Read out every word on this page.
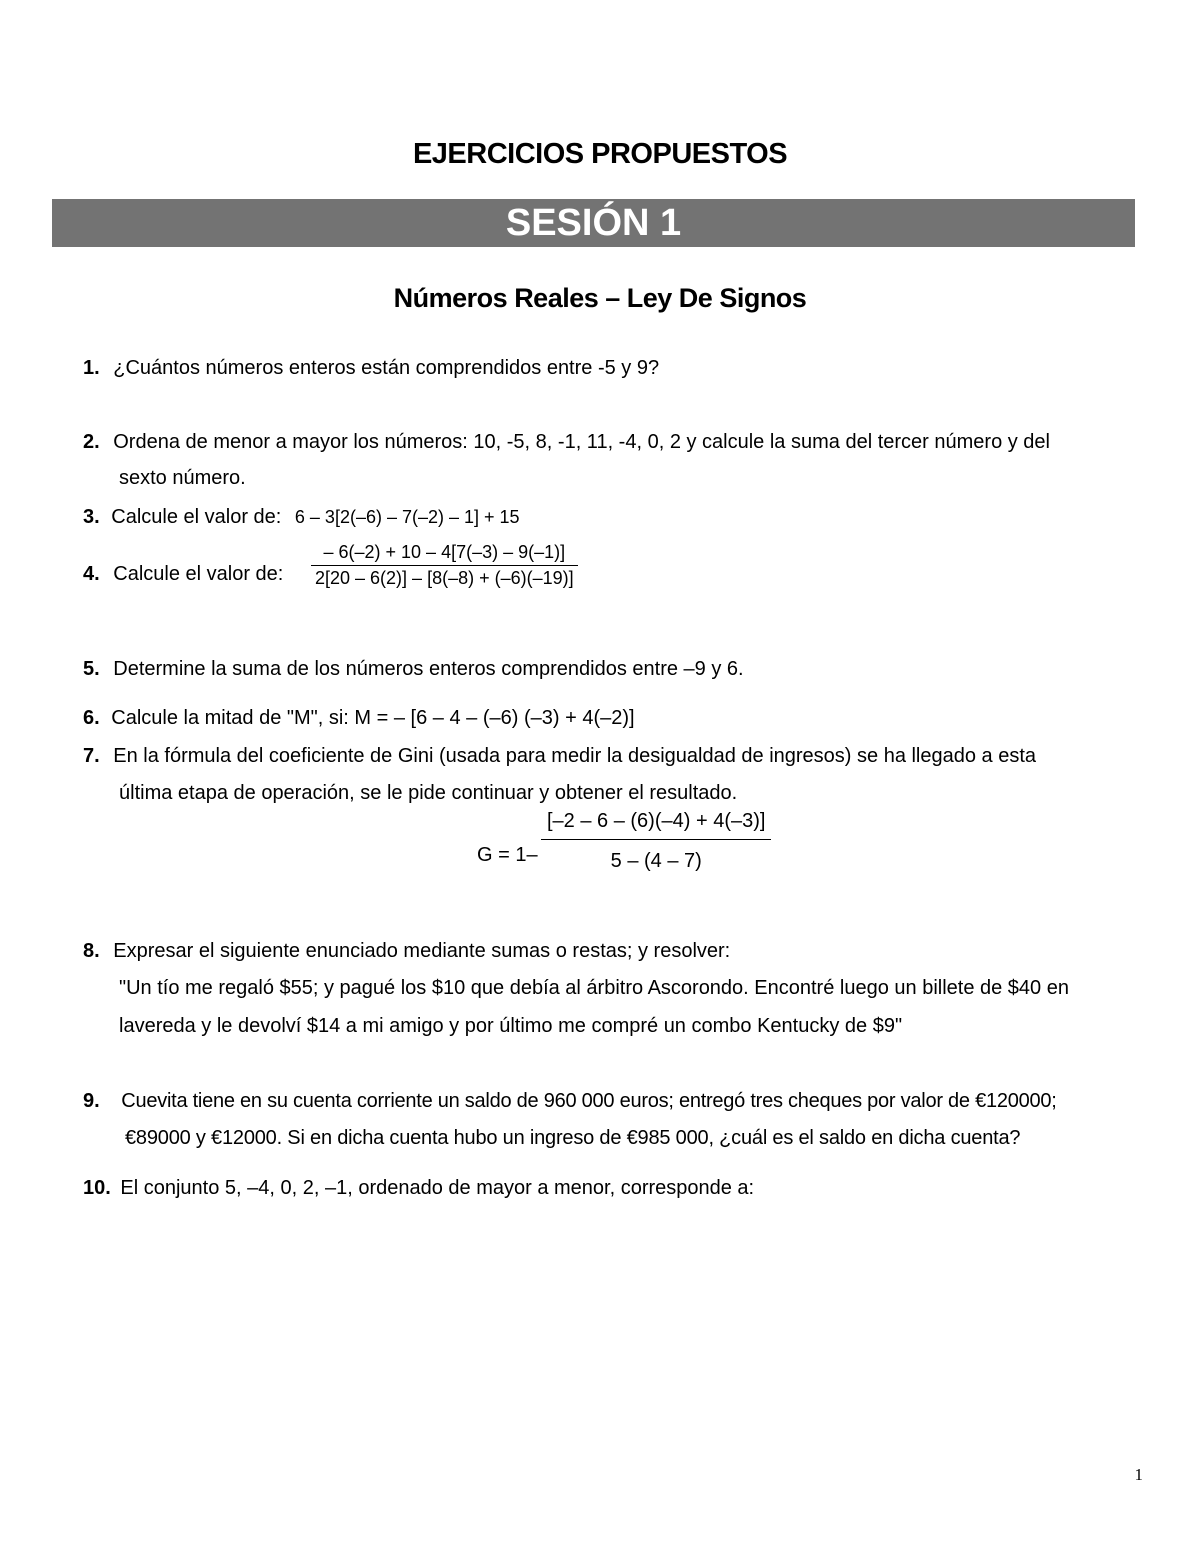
EJERCICIOS PROPUESTOS
SESIÓN 1
Números Reales – Ley De Signos
1. ¿Cuántos números enteros están comprendidos entre -5 y 9?
2. Ordena de menor a mayor los números: 10, -5, 8, -1, 11, -4, 0, 2 y calcule la suma del tercer número y del
sexto número.
3. Calcule el valor de: 6 – 3[2(–6) – 7(–2) – 1] + 15
4. Calcule el valor de: $\frac{- 6(-2) + 10 - 4[7(-3) - 9(-1)]}{2[20 - 6(2)] - [8(-8) + (-6)(-19)]}$
5. Determine la suma de los números enteros comprendidos entre –9 y 6.
6. Calcule la mitad de "M", si: M = – [6 – 4 – (–6) (–3) + 4(–2)]
7. En la fórmula del coeficiente de Gini (usada para medir la desigualdad de ingresos) se ha llegado a esta
última etapa de operación, se le pide continuar y obtener el resultado.
$G = 1- \frac{[-2 - 6 - (6)(-4) + 4(-3)]}{5 - (4 - 7)}$
8. Expresar el siguiente enunciado mediante sumas o restas; y resolver:
"Un tío me regaló $55; y pagué los $10 que debía al árbitro Ascorondo. Encontré luego un billete de $40 en
lavereda y le devolví $14 a mi amigo y por último me compré un combo Kentucky de $9"
9. Cuevita tiene en su cuenta corriente un saldo de 960 000 euros; entregó tres cheques por valor de €120000;
€89000 y €12000. Si en dicha cuenta hubo un ingreso de €985 000, ¿cuál es el saldo en dicha cuenta?
10. El conjunto 5, –4, 0, 2, –1, ordenado de mayor a menor, corresponde a:
1
